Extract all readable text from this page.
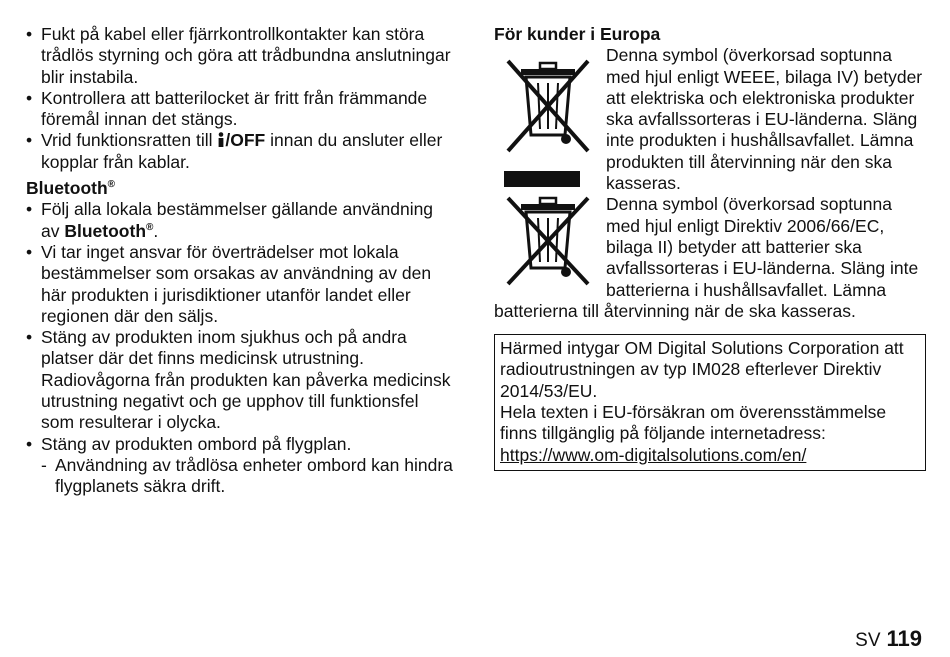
• Fukt på kabel eller fjärrkontrollkontakter kan störa trådlös styrning och göra att trådbundna anslutningar blir instabila.
• Kontrollera att batterilocket är fritt från främmande föremål innan det stängs.
• Vrid funktionsratten till /OFF innan du ansluter eller kopplar från kablar.
Bluetooth®
• Följ alla lokala bestämmelser gällande användning av Bluetooth®.
• Vi tar inget ansvar för överträdelser mot lokala bestämmelser som orsakas av användning av den här produkten i jurisdiktioner utanför landet eller regionen där den säljs.
• Stäng av produkten inom sjukhus och på andra platser där det finns medicinsk utrustning.
Radiovågorna från produkten kan påverka medicinsk utrustning negativt och ge upphov till funktionsfel som resulterar i olycka.
• Stäng av produkten ombord på flygplan.
- Användning av trådlösa enheter ombord kan hindra flygplanets säkra drift.
För kunder i Europa
Denna symbol (överkorsad soptunna med hjul enligt WEEE, bilaga IV) betyder att elektriska och elektroniska produkter ska avfallssorteras i EU-länderna. Släng inte produkten i hushållsavfallet. Lämna produkten till återvinning när den ska kasseras.
Denna symbol (överkorsad soptunna med hjul enligt Direktiv 2006/66/EC, bilaga II) betyder att batterier ska avfallssorteras i EU-länderna. Släng inte batterierna i hushållsavfallet. Lämna batterierna till återvinning när de ska kasseras.
Härmed intygar OM Digital Solutions Corporation att radioutrustningen av typ IM028 efterlever Direktiv 2014/53/EU.
Hela texten i EU-försäkran om överensstämmelse finns tillgänglig på följande internetadress:
https://www.om-digitalsolutions.com/en/
SV 119
